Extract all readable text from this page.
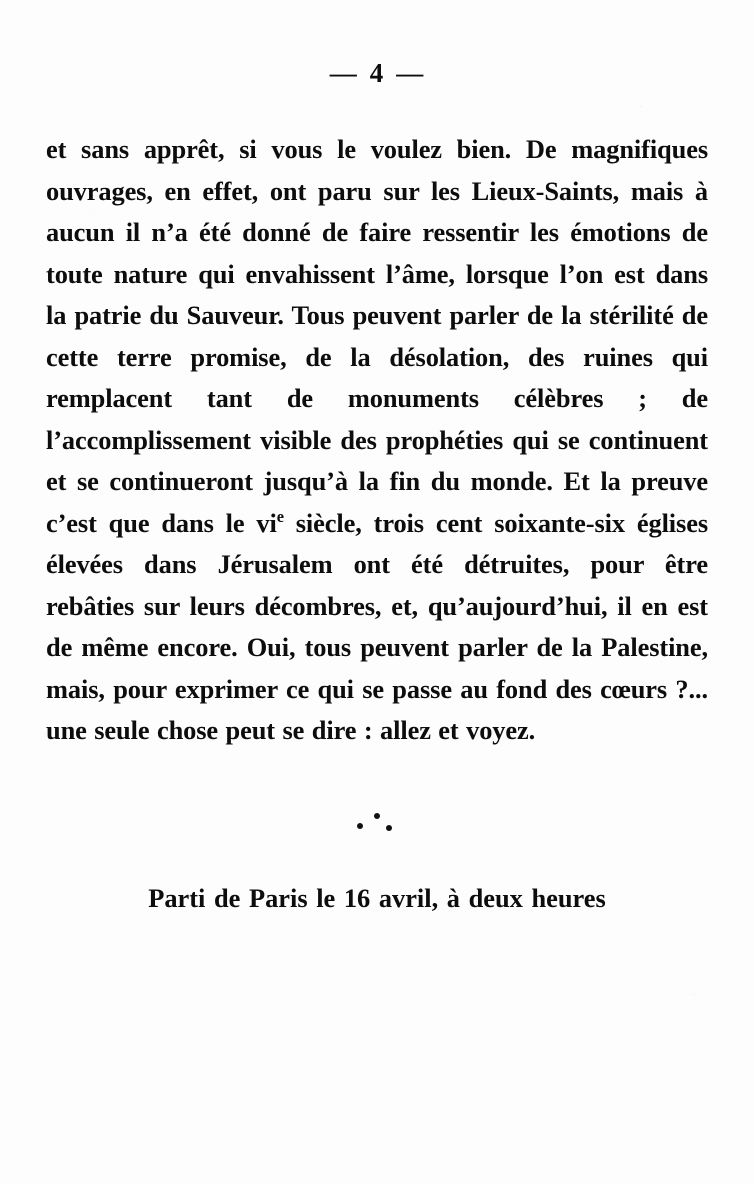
— 4 —

et sans apprêt, si vous le voulez bien. De magnifiques ouvrages, en effet, ont paru sur les Lieux-Saints, mais à aucun il n’a été donné de faire ressentir les émotions de toute nature qui envahissent l’âme, lorsque l’on est dans la patrie du Sauveur. Tous peuvent parler de la stérilité de cette terre promise, de la désolation, des ruines qui remplacent tant de monuments célèbres ; de l’accomplissement visible des prophéties qui se continuent et se continueront jusqu’à la fin du monde. Et la preuve c’est que dans le $vi^e$ siècle, trois cent soixante-six églises élevées dans Jérusalem ont été détruites, pour être rebâties sur leurs décombres, et, qu’aujourd’hui, il en est de même encore. Oui, tous peuvent parler de la Palestine, mais, pour exprimer ce qui se passe au fond des cœurs ?... une seule chose peut se dire : allez et voyez.

Parti de Paris le 16 avril, à deux heures
